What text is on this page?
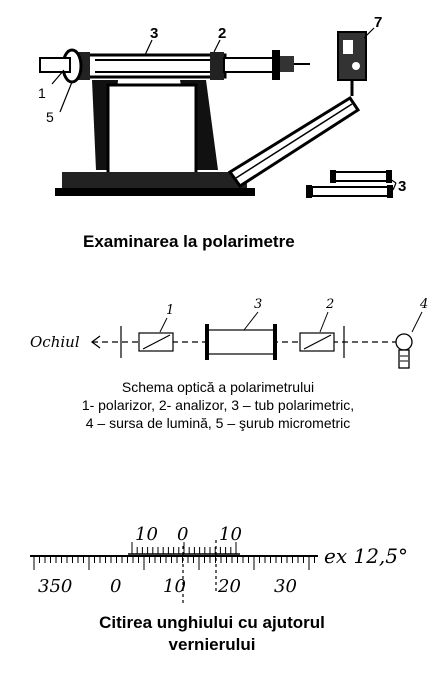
3	2
7
1
5
3
Examinarea la polarimetre
Ochiul
1	3	2	4
Schema optică a polarimetrului
1- polarizor, 2- analizor, 3 – tub polarimetric,
4 – sursa de lumină, 5 – şurub micrometric
10 0 10
350 0 10 20 30
ex 12,5°
Citirea unghiului cu ajutorul
vernierului
